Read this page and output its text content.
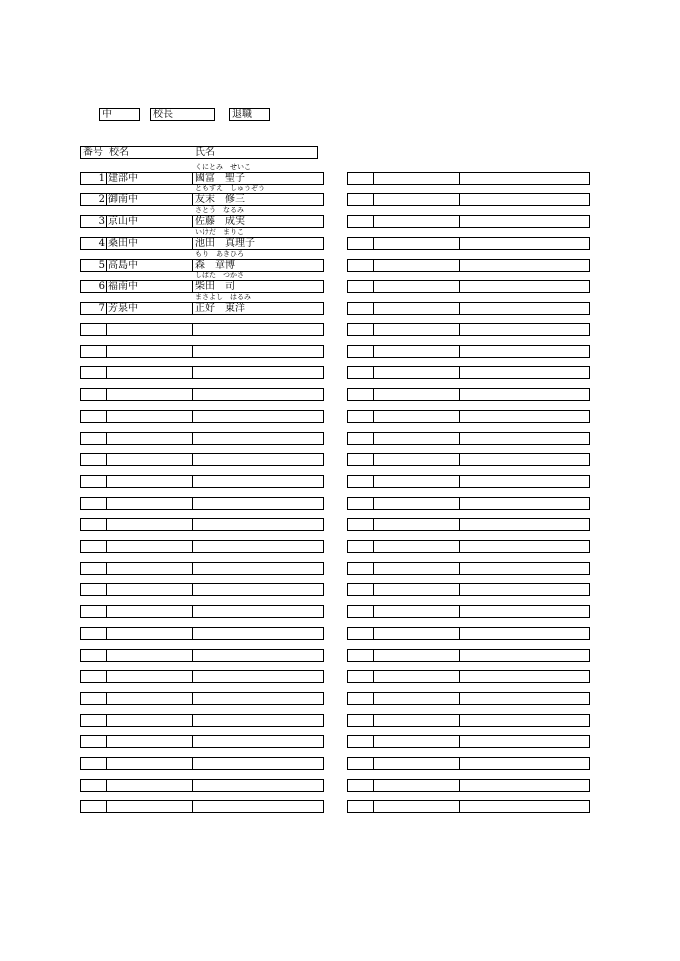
中	校長	退職
番号 校名	氏名
1 建部中	國富　聖子
くにとみ　せいこ
2 御南中	友末　修三
ともすえ　しゅうぞう
3 京山中	佐藤　成実
さとう　なるみ
4 桑田中	池田　真理子
いけだ　まりこ
5 高島中	森　章博
もり　あきひろ
6 福南中	柴田　司
しばた　つかさ
7 芳泉中	正好　東洋
まさよし　はるみ
